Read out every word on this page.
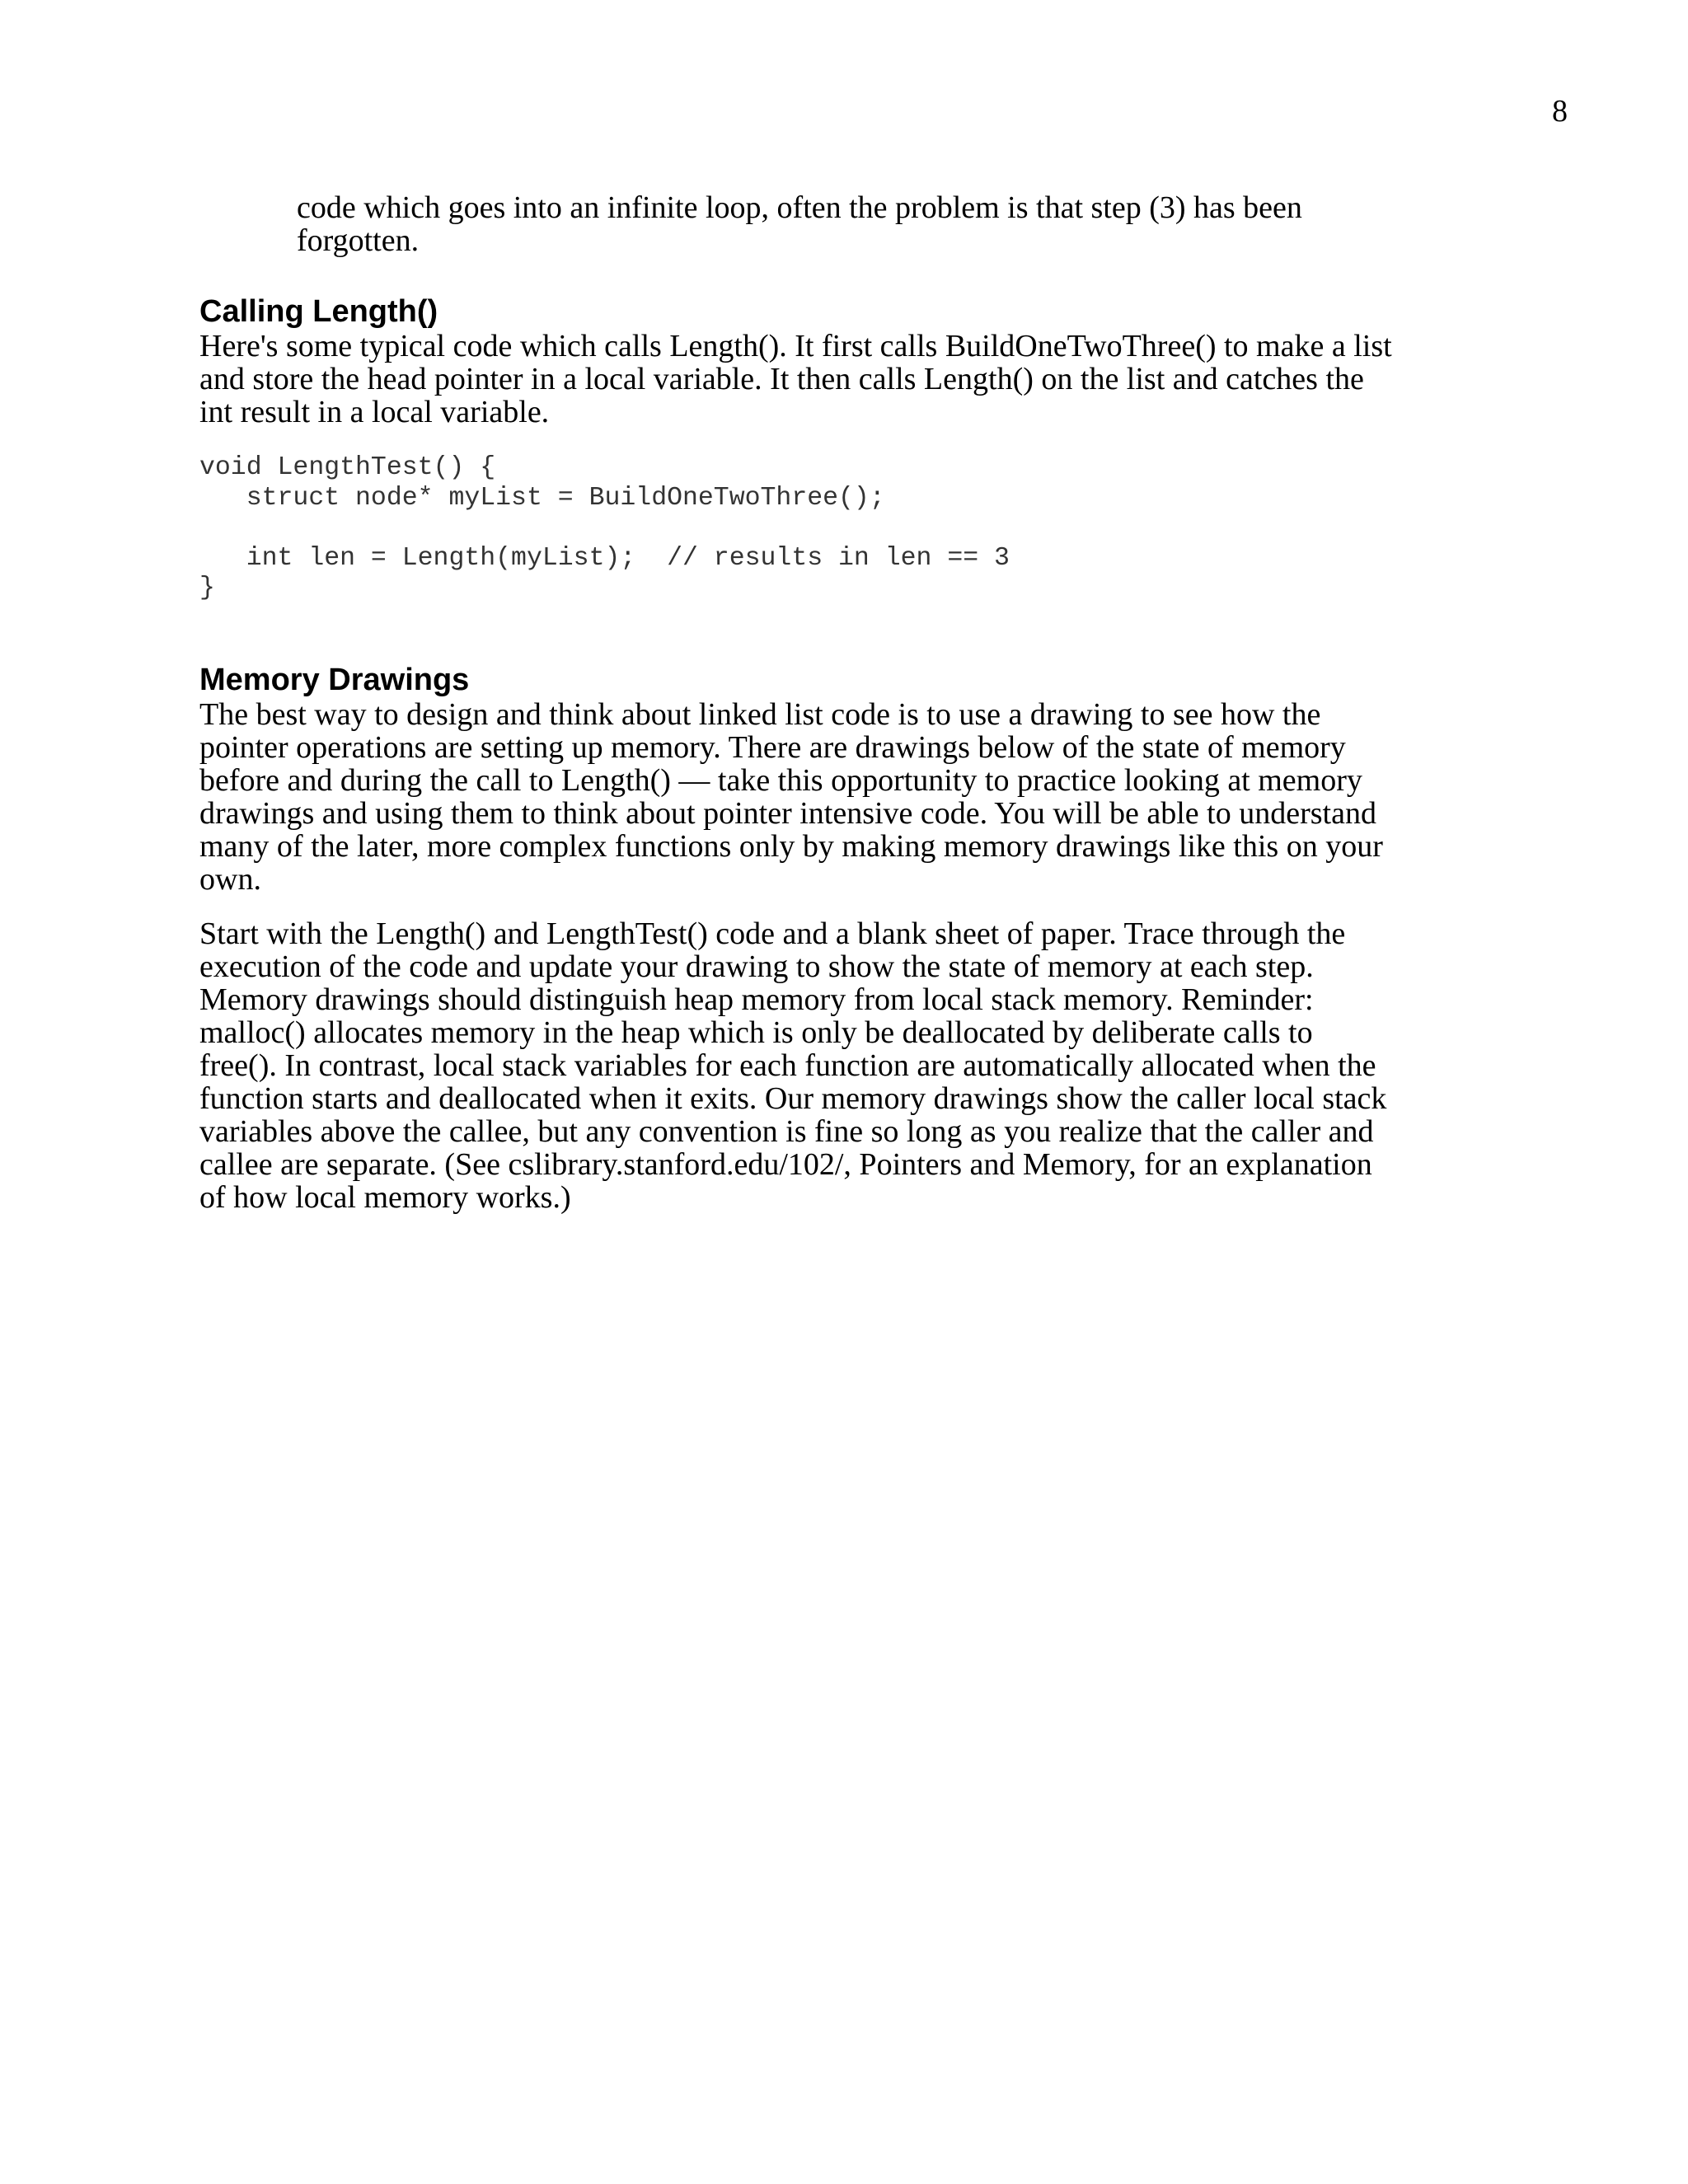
8

code which goes into an infinite loop, often the problem is that step (3) has been forgotten.

Calling Length()

Here's some typical code which calls Length(). It first calls BuildOneTwoThree() to make a list and store the head pointer in a local variable. It then calls Length() on the list and catches the int result in a local variable.

void LengthTest() {
struct node* myList = BuildOneTwoThree();

int len = Length(myList);  // results in len == 3
}
Memory Drawings

The best way to design and think about linked list code is to use a drawing to see how the pointer operations are setting up memory. There are drawings below of the state of memory before and during the call to Length() — take this opportunity to practice looking at memory drawings and using them to think about pointer intensive code. You will be able to understand many of the later, more complex functions only by making memory drawings like this on your own.

Start with the Length() and LengthTest() code and a blank sheet of paper. Trace through the execution of the code and update your drawing to show the state of memory at each step. Memory drawings should distinguish heap memory from local stack memory. Reminder: malloc() allocates memory in the heap which is only be deallocated by deliberate calls to free(). In contrast, local stack variables for each function are automatically allocated when the function starts and deallocated when it exits. Our memory drawings show the caller local stack variables above the callee, but any convention is fine so long as you realize that the caller and callee are separate. (See cslibrary.stanford.edu/102/, Pointers and Memory, for an explanation of how local memory works.)
